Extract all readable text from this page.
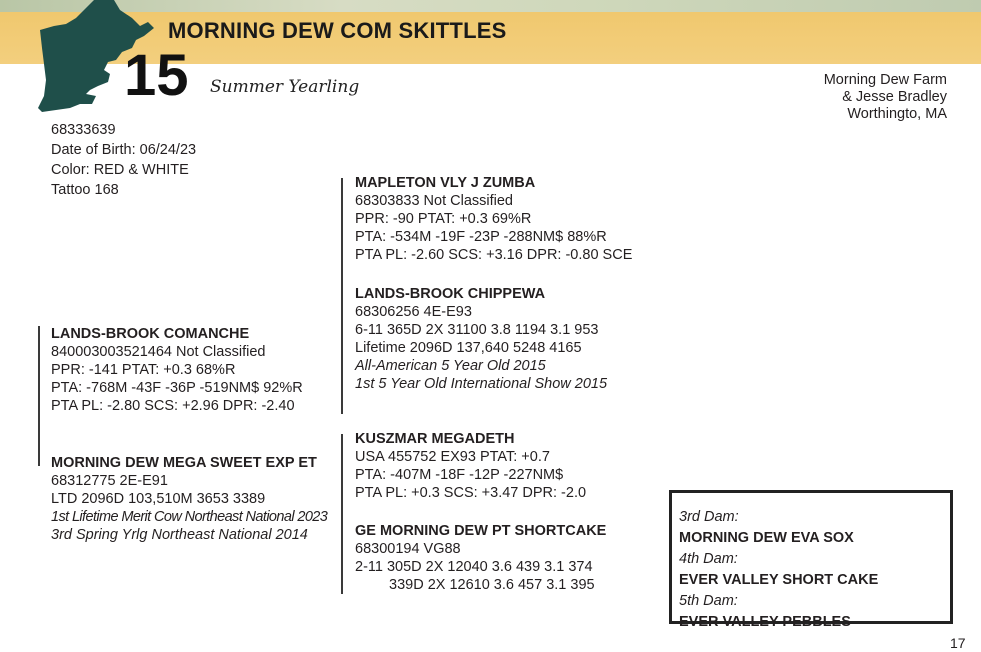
MORNING DEW COM SKITTLES
15 Summer Yearling	Morning Dew Farm
& Jesse Bradley
Worthingto, MA
68333639
Date of Birth: 06/24/23
Color: RED & WHITE
Tattoo 168	MAPLETON VLY J ZUMBA
68303833 Not Classified
PPR: -90 PTAT: +0.3 69%R
PTA: -534M -19F -23P -288NM$ 88%R
PTA PL: -2.60 SCS: +3.16 DPR: -0.80 SCE
LANDS-BROOK CHIPPEWA
68306256 4E-E93
6-11 365D 2X 31100 3.8 1194 3.1 953
Lifetime 2096D 137,640 5248 4165
All-American 5 Year Old 2015
1st 5 Year Old International Show 2015
LANDS-BROOK COMANCHE
840003003521464 Not Classified
PPR: -141 PTAT: +0.3 68%R
PTA: -768M -43F -36P -519NM$ 92%R
PTA PL: -2.80 SCS: +2.96 DPR: -2.40
MORNING DEW MEGA SWEET EXP ET
68312775 2E-E91
LTD 2096D 103,510M 3653 3389
1st Lifetime Merit Cow Northeast National 2023
3rd Spring Yrlg Northeast National 2014
KUSZMAR MEGADETH
USA 455752 EX93 PTAT: +0.7
PTA: -407M -18F -12P -227NM$
PTA PL: +0.3 SCS: +3.47 DPR: -2.0
GE MORNING DEW PT SHORTCAKE
68300194 VG88
2-11 305D 2X 12040 3.6 439 3.1 374
339D 2X 12610 3.6 457 3.1 395
3rd Dam:
MORNING DEW EVA SOX
4th Dam:
EVER VALLEY SHORT CAKE
5th Dam:
EVER VALLEY PEBBLES
17
